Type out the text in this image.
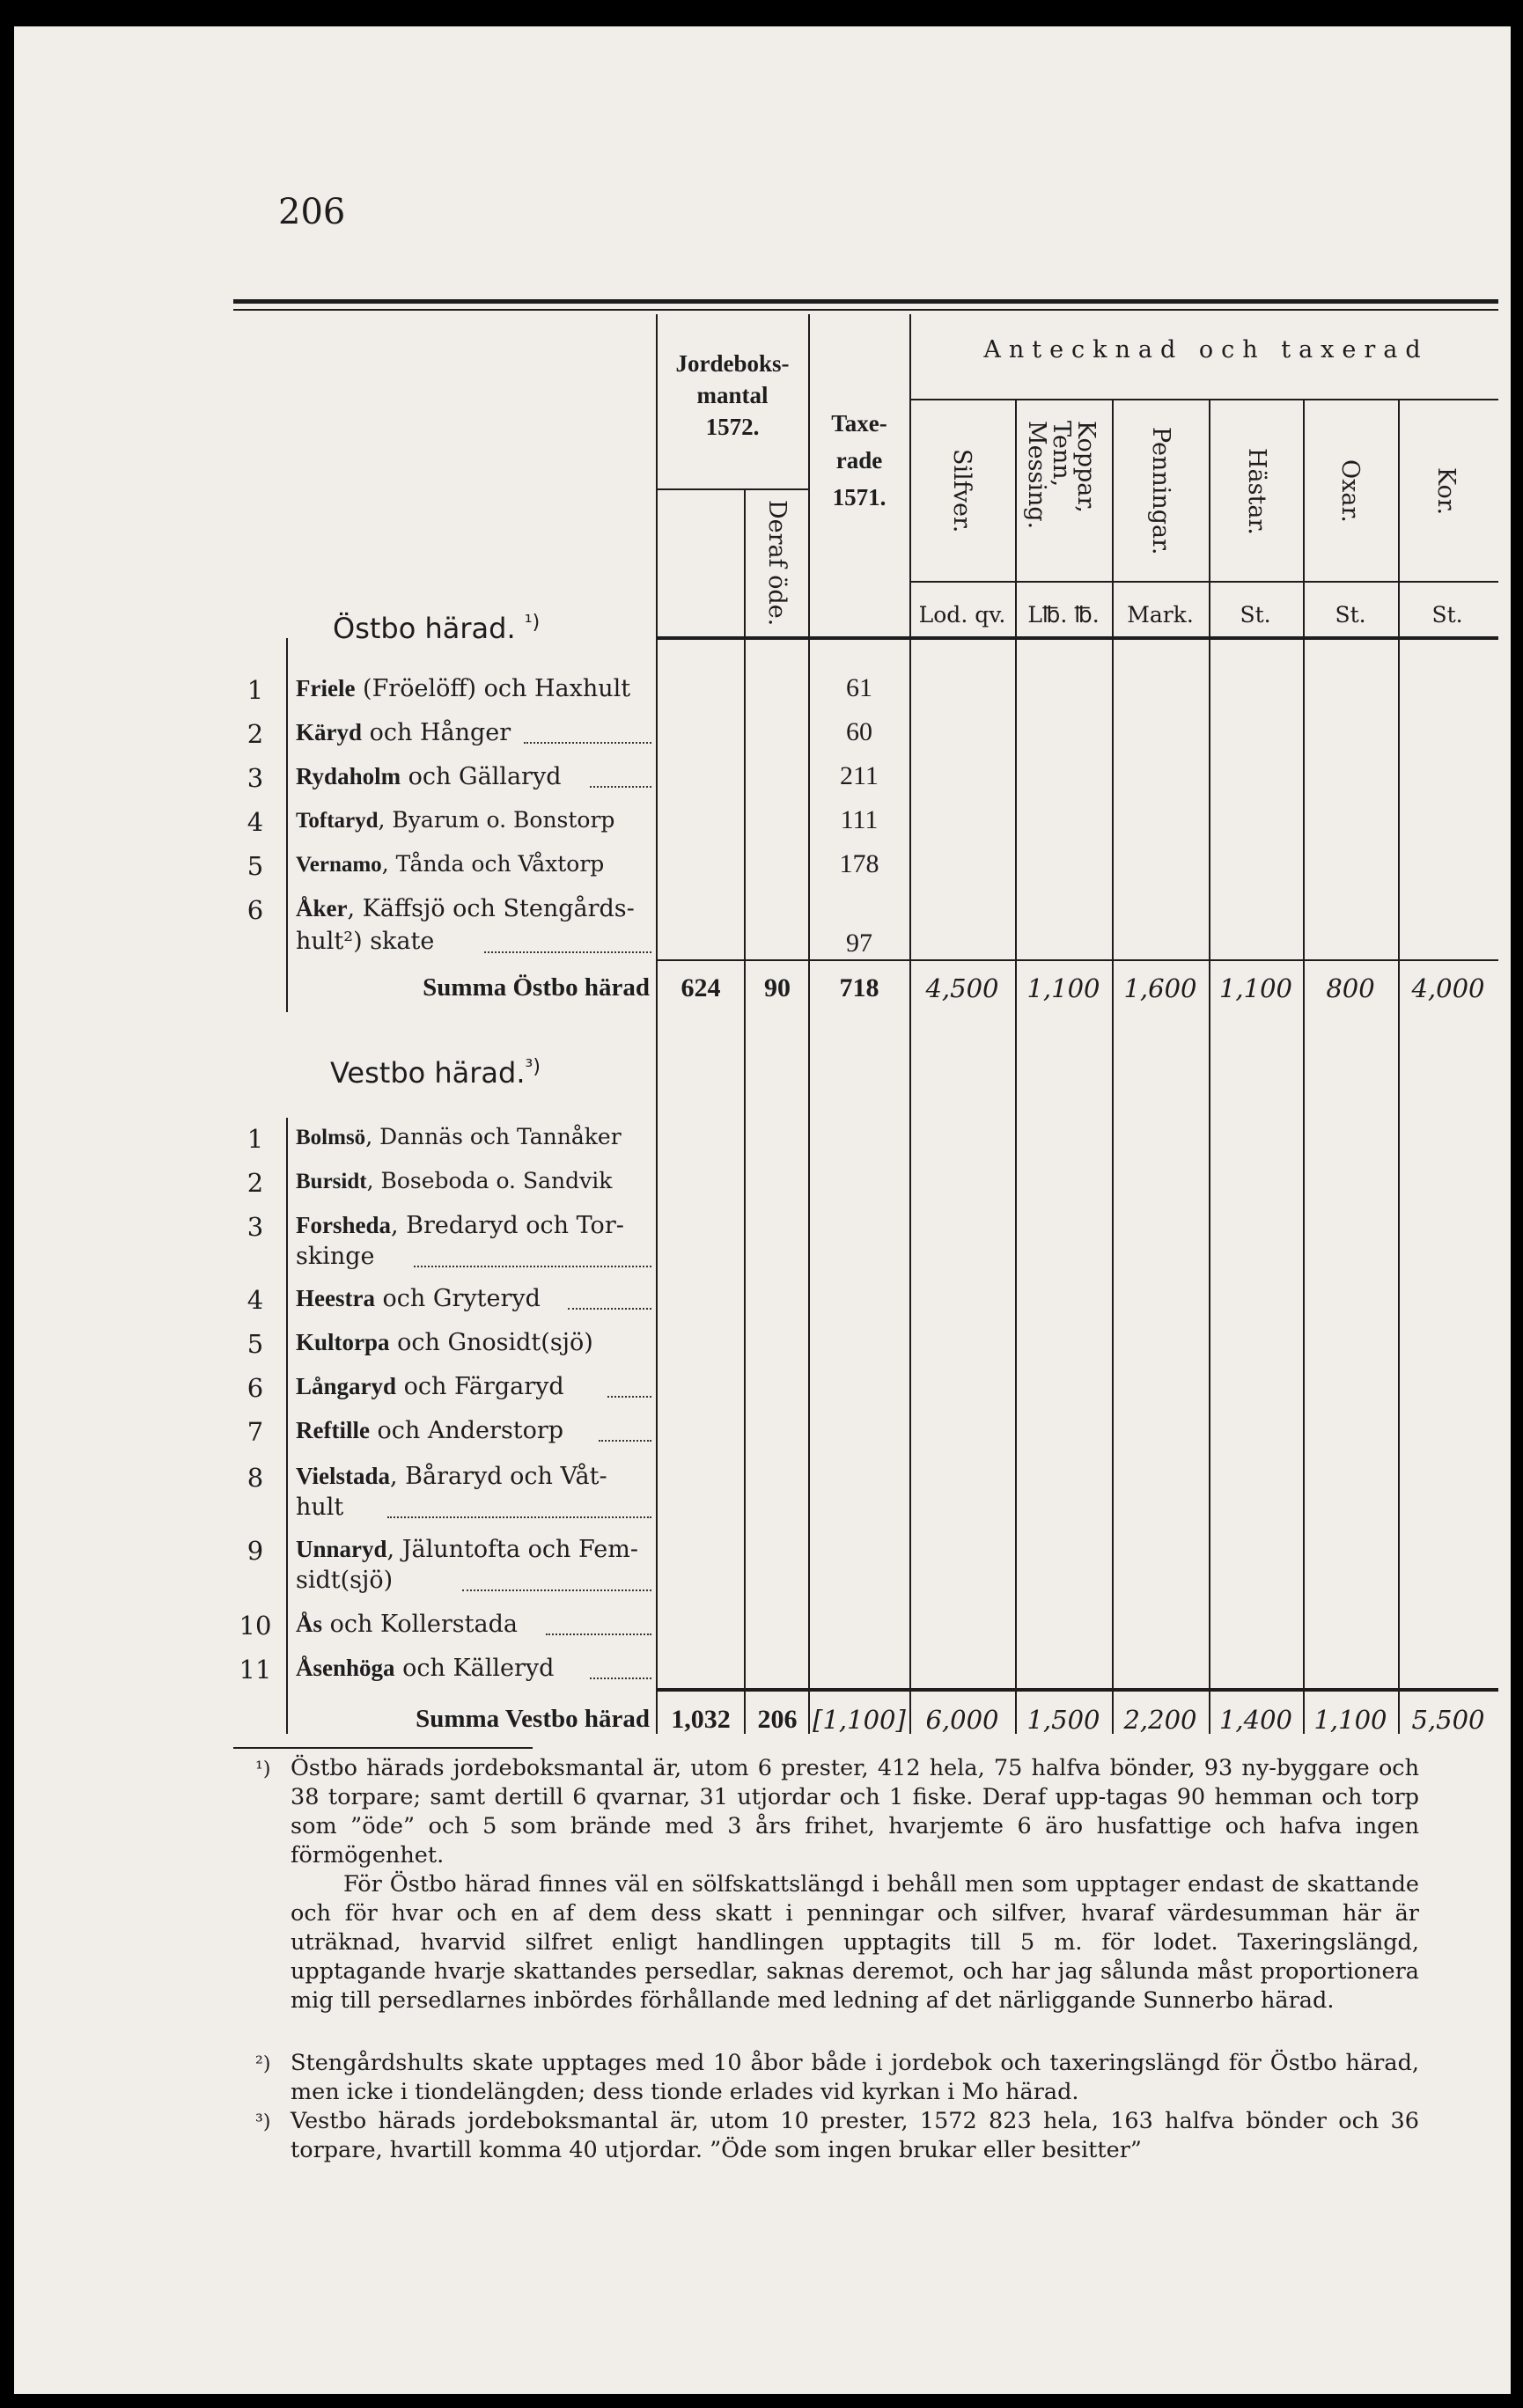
206
Jordeboks-
mantal
1572.
Deraf öde.
Taxe-
rade
1571.
Antecknad och taxerad
Silfver.	Koppar, Tenn, Messing.	Penningar.	Hästar.	Oxar.	Kor.
Lod. qv.	L℔. ℔.	Mark.	St.	St.	St.
Östbo härad. $^{^1)}$
1	Friele (Fröelöff) och Haxhult	61
2	Käryd och Hånger	60
3	Rydaholm och Gällaryd	211
4	Toftaryd, Byarum o. Bonstorp	111
5	Vernamo, Tånda och Våxtorp	178
6	Åker, Käffsjö och Stengårds-
hult²) skate	97
Summa Östbo härad	624	90	718	4,500	1,100 1,600 1,100	800	4,000
Vestbo härad.$^{^3)}$
1	Bolmsö, Dannäs och Tannåker
2	Bursidt, Boseboda o. Sandvik
3	Forsheda, Bredaryd och Tor-
skinge
4	Heestra och Gryteryd
5	Kultorpa och Gnosidt(sjö)
6	Långaryd och Färgaryd
7	Reftille och Anderstorp
8	Vielstada, Båraryd och Våt-
hult
9	Unnaryd, Jäluntofta och Fem-
sidt(sjö)
10 Ås och Kollerstada
11 Åsenhöga och Källeryd
Summa Vestbo härad 1,032	206 [1,100] 6,000	1,500 2,200 1,400 1,100 5,500
¹) Östbo härads jordeboksmantal är, utom 6 prester, 412 hela, 75 halfva bönder, 93 ny-byggare och 38 torpare; samt dertill 6 qvarnar, 31 utjordar och 1 fiske. Deraf upp-tagas 90 hemman och torp som ”öde” och 5 som brände med 3 års frihet, hvarjemte 6 äro husfattige och hafva ingen förmögenhet.
För Östbo härad finnes väl en sölfskattslängd i behåll men som upptager endast de skattande och för hvar och en af dem dess skatt i penningar och silfver, hvaraf värdesumman här är uträknad, hvarvid silfret enligt handlingen upptagits till 5 m. för lodet. Taxeringslängd, upptagande hvarje skattandes persedlar, saknas deremot, och har jag sålunda måst proportionera mig till persedlarnes inbördes förhållande med ledning af det närliggande Sunnerbo härad.
²) Stengårdshults skate upptages med 10 åbor både i jordebok och taxeringslängd för Östbo härad, men icke i tiondelängden; dess tionde erlades vid kyrkan i Mo härad.
³) Vestbo härads jordeboksmantal är, utom 10 prester, 1572 823 hela, 163 halfva bönder och 36 torpare, hvartill komma 40 utjordar. ”Öde som ingen brukar eller besitter”
